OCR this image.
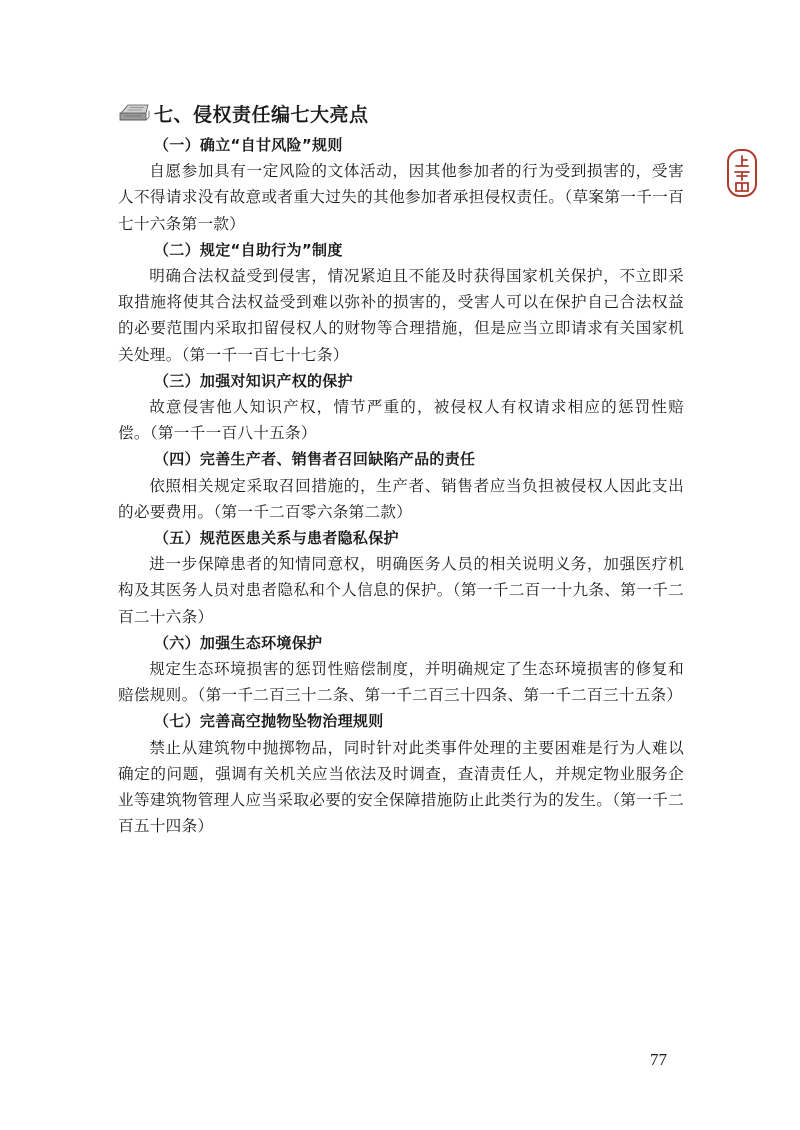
七、侵权责任编七大亮点

（一）确立“自甘风险”规则

自愿参加具有一定风险的文体活动，因其他参加者的行为受到损害的，受害人不得请求没有故意或者重大过失的其他参加者承担侵权责任。（草案第一千一百七十六条第一款）

（二）规定“自助行为”制度

明确合法权益受到侵害，情况紧迫且不能及时获得国家机关保护，不立即采取措施将使其合法权益受到难以弥补的损害的，受害人可以在保护自己合法权益的必要范围内采取扣留侵权人的财物等合理措施，但是应当立即请求有关国家机关处理。（第一千一百七十七条）

（三）加强对知识产权的保护

故意侵害他人知识产权，情节严重的，被侵权人有权请求相应的惩罚性赔偿。（第一千一百八十五条）

（四）完善生产者、销售者召回缺陷产品的责任

依照相关规定采取召回措施的，生产者、销售者应当负担被侵权人因此支出的必要费用。（第一千二百零六条第二款）

（五）规范医患关系与患者隐私保护

进一步保障患者的知情同意权，明确医务人员的相关说明义务，加强医疗机构及其医务人员对患者隐私和个人信息的保护。（第一千二百一十九条、第一千二百二十六条）

（六）加强生态环境保护

规定生态环境损害的惩罚性赔偿制度，并明确规定了生态环境损害的修复和赔偿规则。（第一千二百三十二条、第一千二百三十四条、第一千二百三十五条）

（七）完善高空抛物坠物治理规则

禁止从建筑物中抛掷物品，同时针对此类事件处理的主要困难是行为人难以确定的问题，强调有关机关应当依法及时调查，查清责任人，并规定物业服务企业等建筑物管理人应当采取必要的安全保障措施防止此类行为的发生。（第一千二百五十四条）

77
